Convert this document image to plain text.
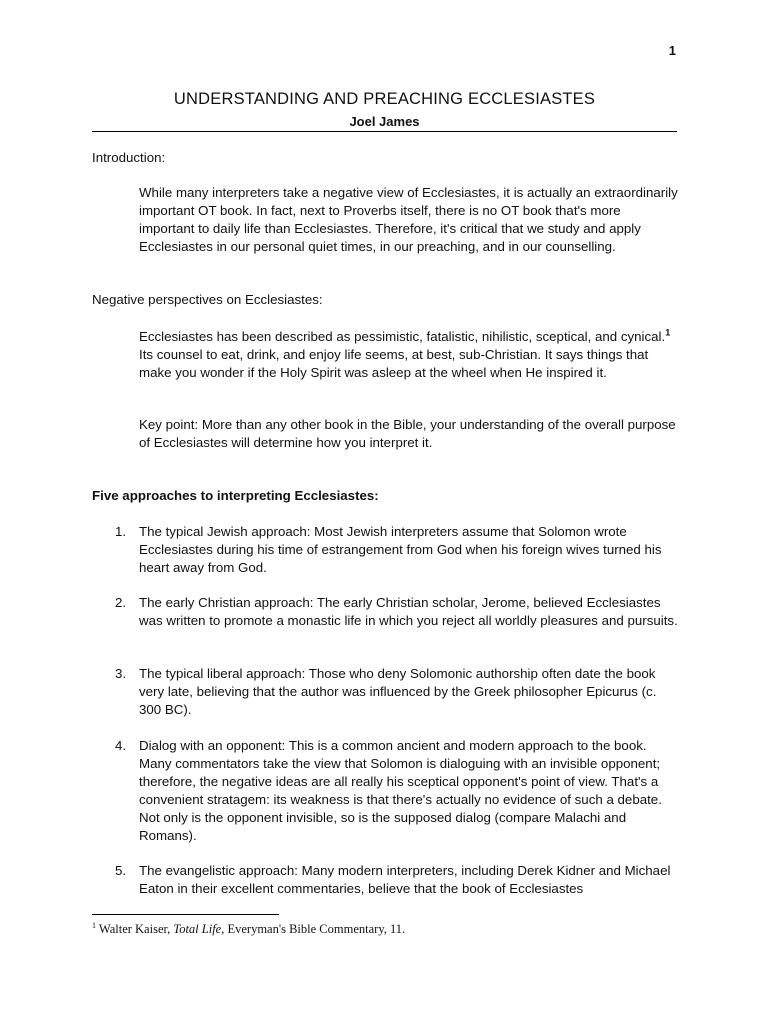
1
UNDERSTANDING AND PREACHING ECCLESIASTES
Joel James
Introduction:
While many interpreters take a negative view of Ecclesiastes, it is actually an extraordinarily important OT book. In fact, next to Proverbs itself, there is no OT book that's more important to daily life than Ecclesiastes. Therefore, it's critical that we study and apply Ecclesiastes in our personal quiet times, in our preaching, and in our counselling.
Negative perspectives on Ecclesiastes:
Ecclesiastes has been described as pessimistic, fatalistic, nihilistic, sceptical, and cynical.$^1$ Its counsel to eat, drink, and enjoy life seems, at best, sub-Christian. It says things that make you wonder if the Holy Spirit was asleep at the wheel when He inspired it.
Key point: More than any other book in the Bible, your understanding of the overall purpose of Ecclesiastes will determine how you interpret it.
Five approaches to interpreting Ecclesiastes:
1. The typical Jewish approach: Most Jewish interpreters assume that Solomon wrote Ecclesiastes during his time of estrangement from God when his foreign wives turned his heart away from God.
2. The early Christian approach: The early Christian scholar, Jerome, believed Ecclesiastes was written to promote a monastic life in which you reject all worldly pleasures and pursuits.
3. The typical liberal approach: Those who deny Solomonic authorship often date the book very late, believing that the author was influenced by the Greek philosopher Epicurus (c. 300 BC).
4. Dialog with an opponent: This is a common ancient and modern approach to the book. Many commentators take the view that Solomon is dialoguing with an invisible opponent; therefore, the negative ideas are all really his sceptical opponent's point of view. That's a convenient stratagem: its weakness is that there's actually no evidence of such a debate. Not only is the opponent invisible, so is the supposed dialog (compare Malachi and Romans).
5. The evangelistic approach: Many modern interpreters, including Derek Kidner and Michael Eaton in their excellent commentaries, believe that the book of Ecclesiastes
$^1$ Walter Kaiser, Total Life, Everyman's Bible Commentary, 11.
